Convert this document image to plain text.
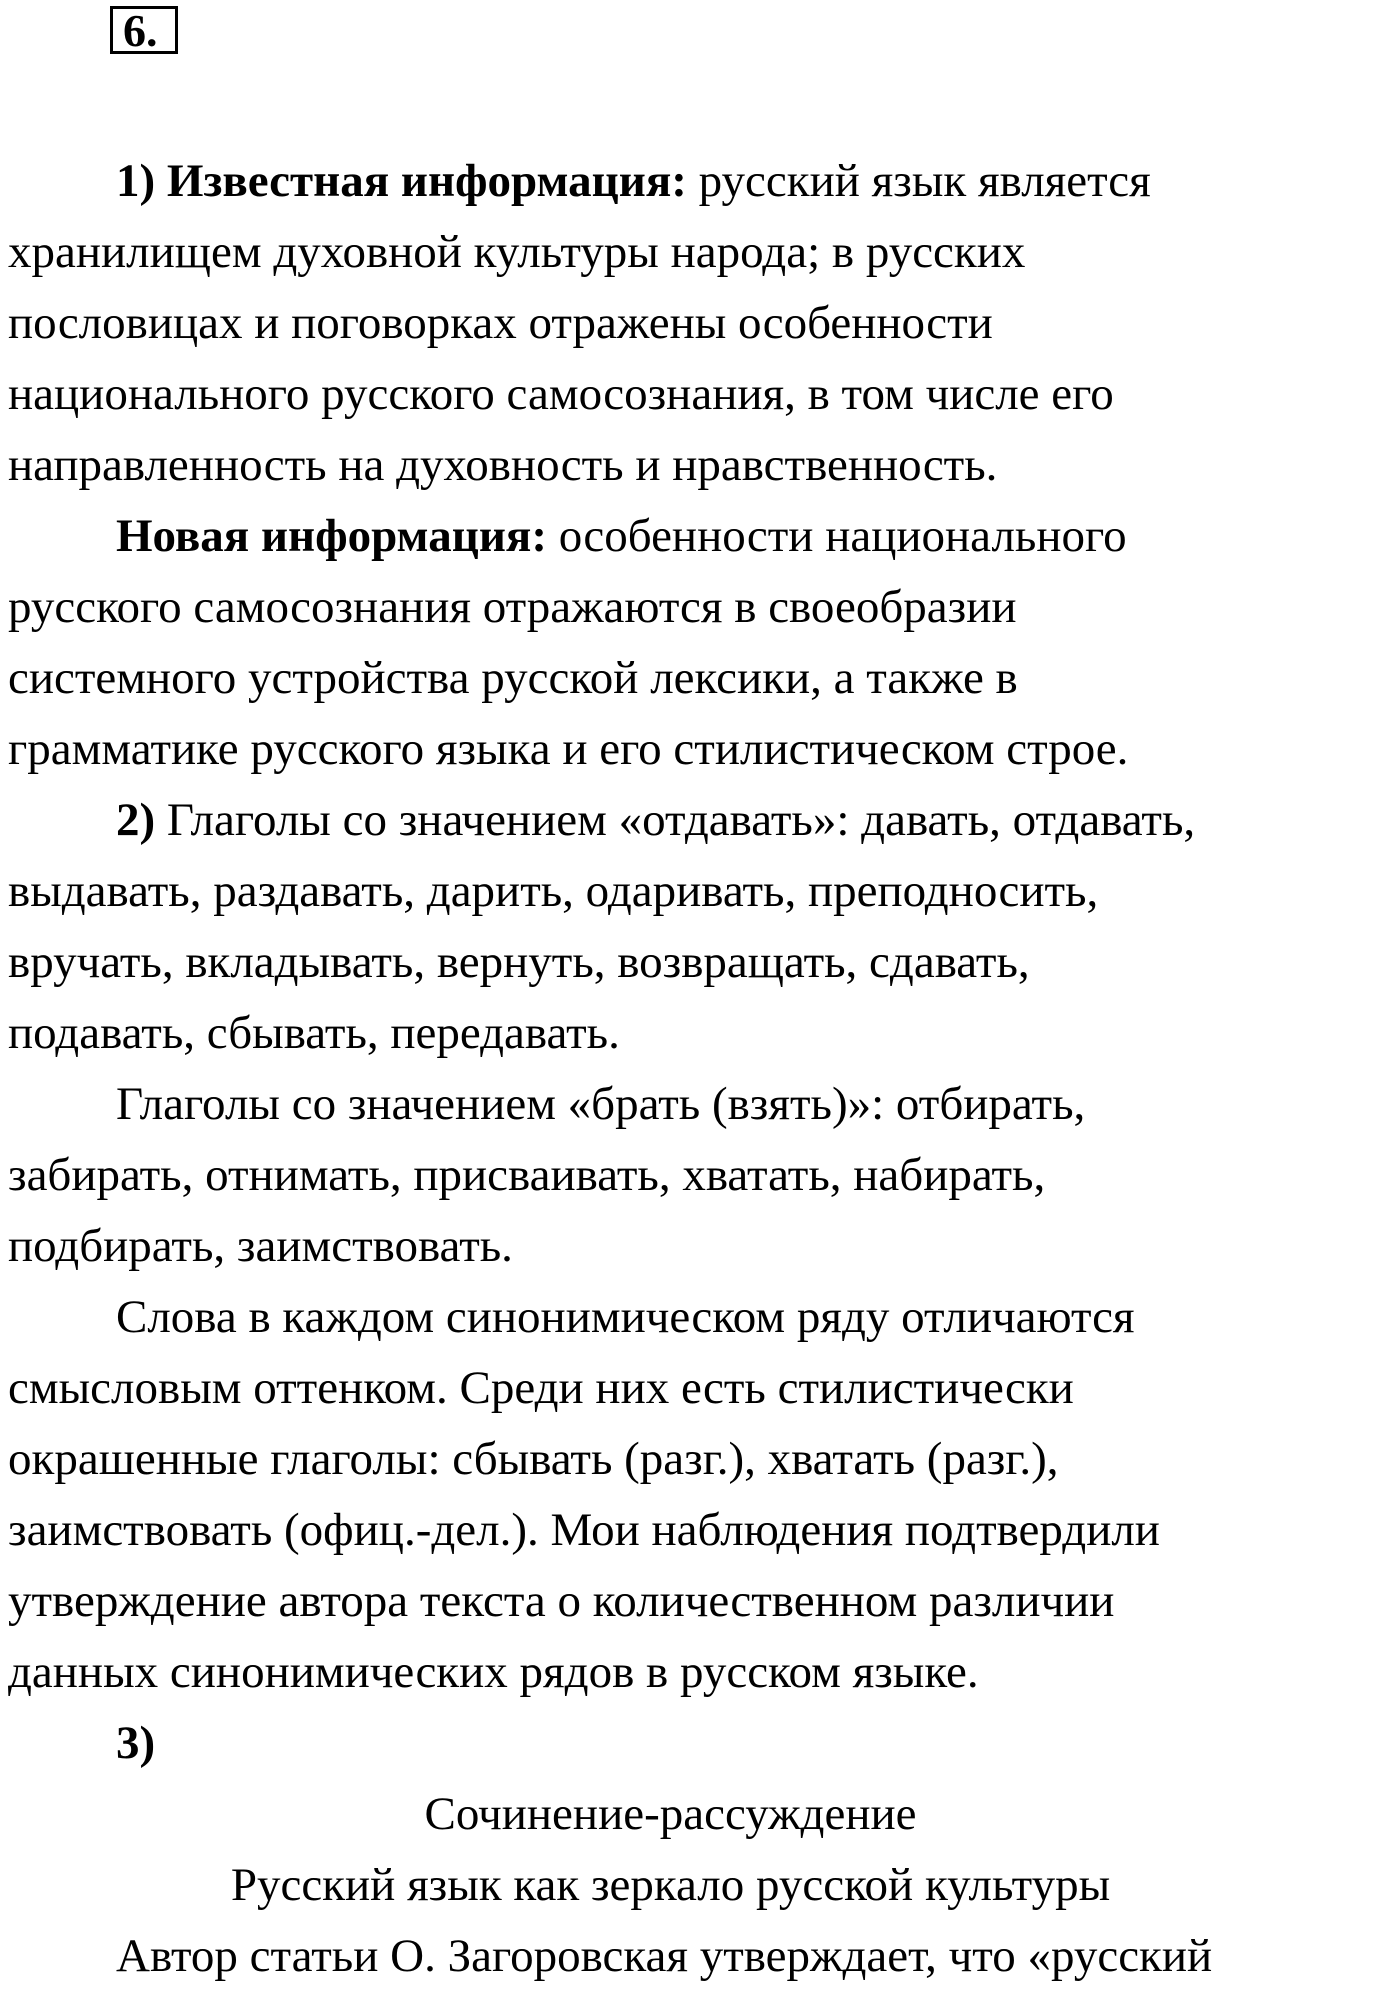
6.
1) Известная информация: русский язык является
хранилищем духовной культуры народа; в русских
пословицах и поговорках отражены особенности
национального русского самосознания, в том числе его
направленность на духовность и нравственность.
Новая информация: особенности национального
русского самосознания отражаются в своеобразии
системного устройства русской лексики, а также в
грамматике русского языка и его стилистическом строе.
2) Глаголы со значением «отдавать»: давать, отдавать,
выдавать, раздавать, дарить, одаривать, преподносить,
вручать, вкладывать, вернуть, возвращать, сдавать,
подавать, сбывать, передавать.
Глаголы со значением «брать (взять)»: отбирать,
забирать, отнимать, присваивать, хватать, набирать,
подбирать, заимствовать.
Слова в каждом синонимическом ряду отличаются
смысловым оттенком. Среди них есть стилистически
окрашенные глаголы: сбывать (разг.), хватать (разг.),
заимствовать (офиц.-дел.). Мои наблюдения подтвердили
утверждение автора текста о количественном различии
данных синонимических рядов в русском языке.
3)
Сочинение-рассуждение
Русский язык как зеркало русской культуры
Автор статьи О. Загоровская утверждает, что «русский
